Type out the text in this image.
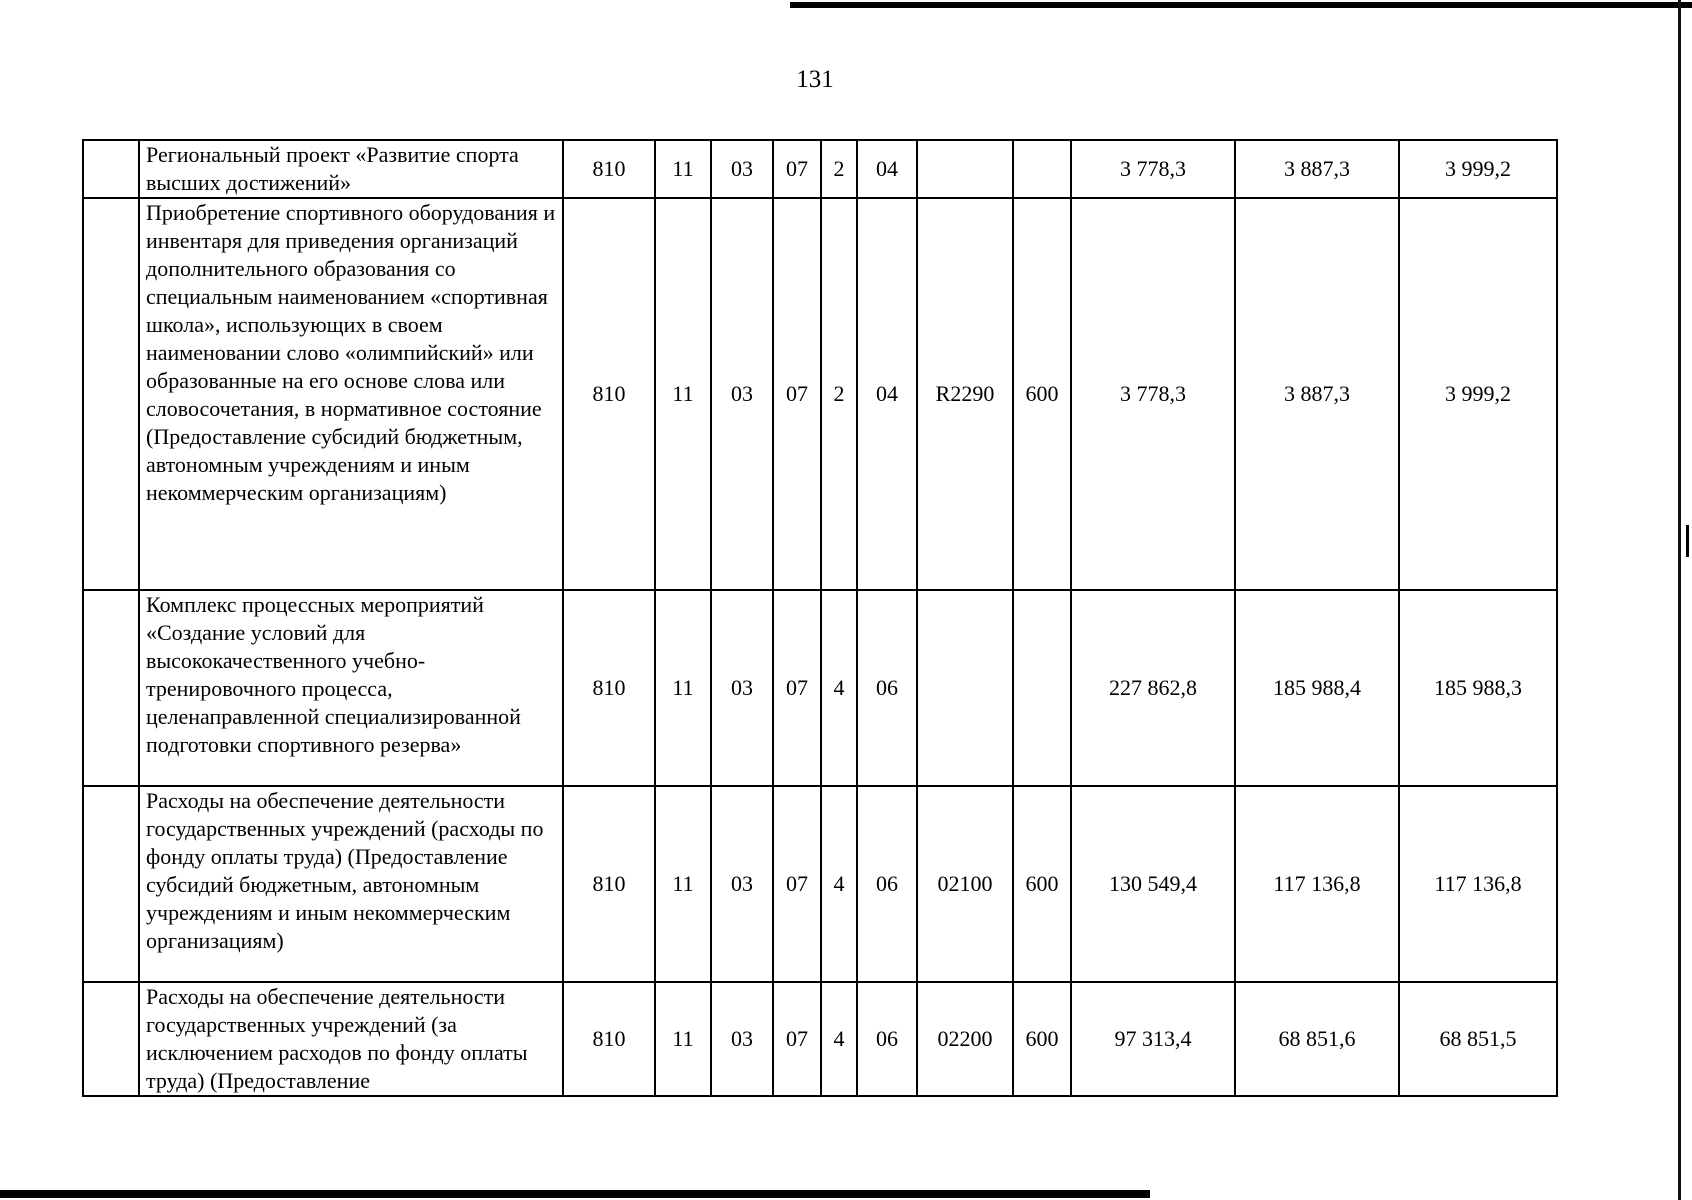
131
	Региональный проект «Развитие спорта высших достижений»	810	11	03	07	2	04			3 778,3	3 887,3	3 999,2
	Приобретение спортивного оборудования и инвентаря для приведения организаций дополнительного образования со специальным наименованием «спортивная школа», использующих в своем наименовании слово «олимпийский» или образованные на его основе слова или словосочетания, в нормативное состояние (Предоставление субсидий бюджетным, автономным учреждениям и иным некоммерческим организациям)	810	11	03	07	2	04	R2290	600	3 778,3	3 887,3	3 999,2
	Комплекс процессных мероприятий «Создание условий для высококачественного учебно-тренировочного процесса, целенаправленной специализированной подготовки спортивного резерва»	810	11	03	07	4	06			227 862,8	185 988,4	185 988,3
	Расходы на обеспечение деятельности государственных учреждений (расходы по фонду оплаты труда) (Предоставление субсидий бюджетным, автономным учреждениям и иным некоммерческим организациям)	810	11	03	07	4	06	02100	600	130 549,4	117 136,8	117 136,8
	Расходы на обеспечение деятельности государственных учреждений (за исключением расходов по фонду оплаты труда) (Предоставление	810	11	03	07	4	06	02200	600	97 313,4	68 851,6	68 851,5
